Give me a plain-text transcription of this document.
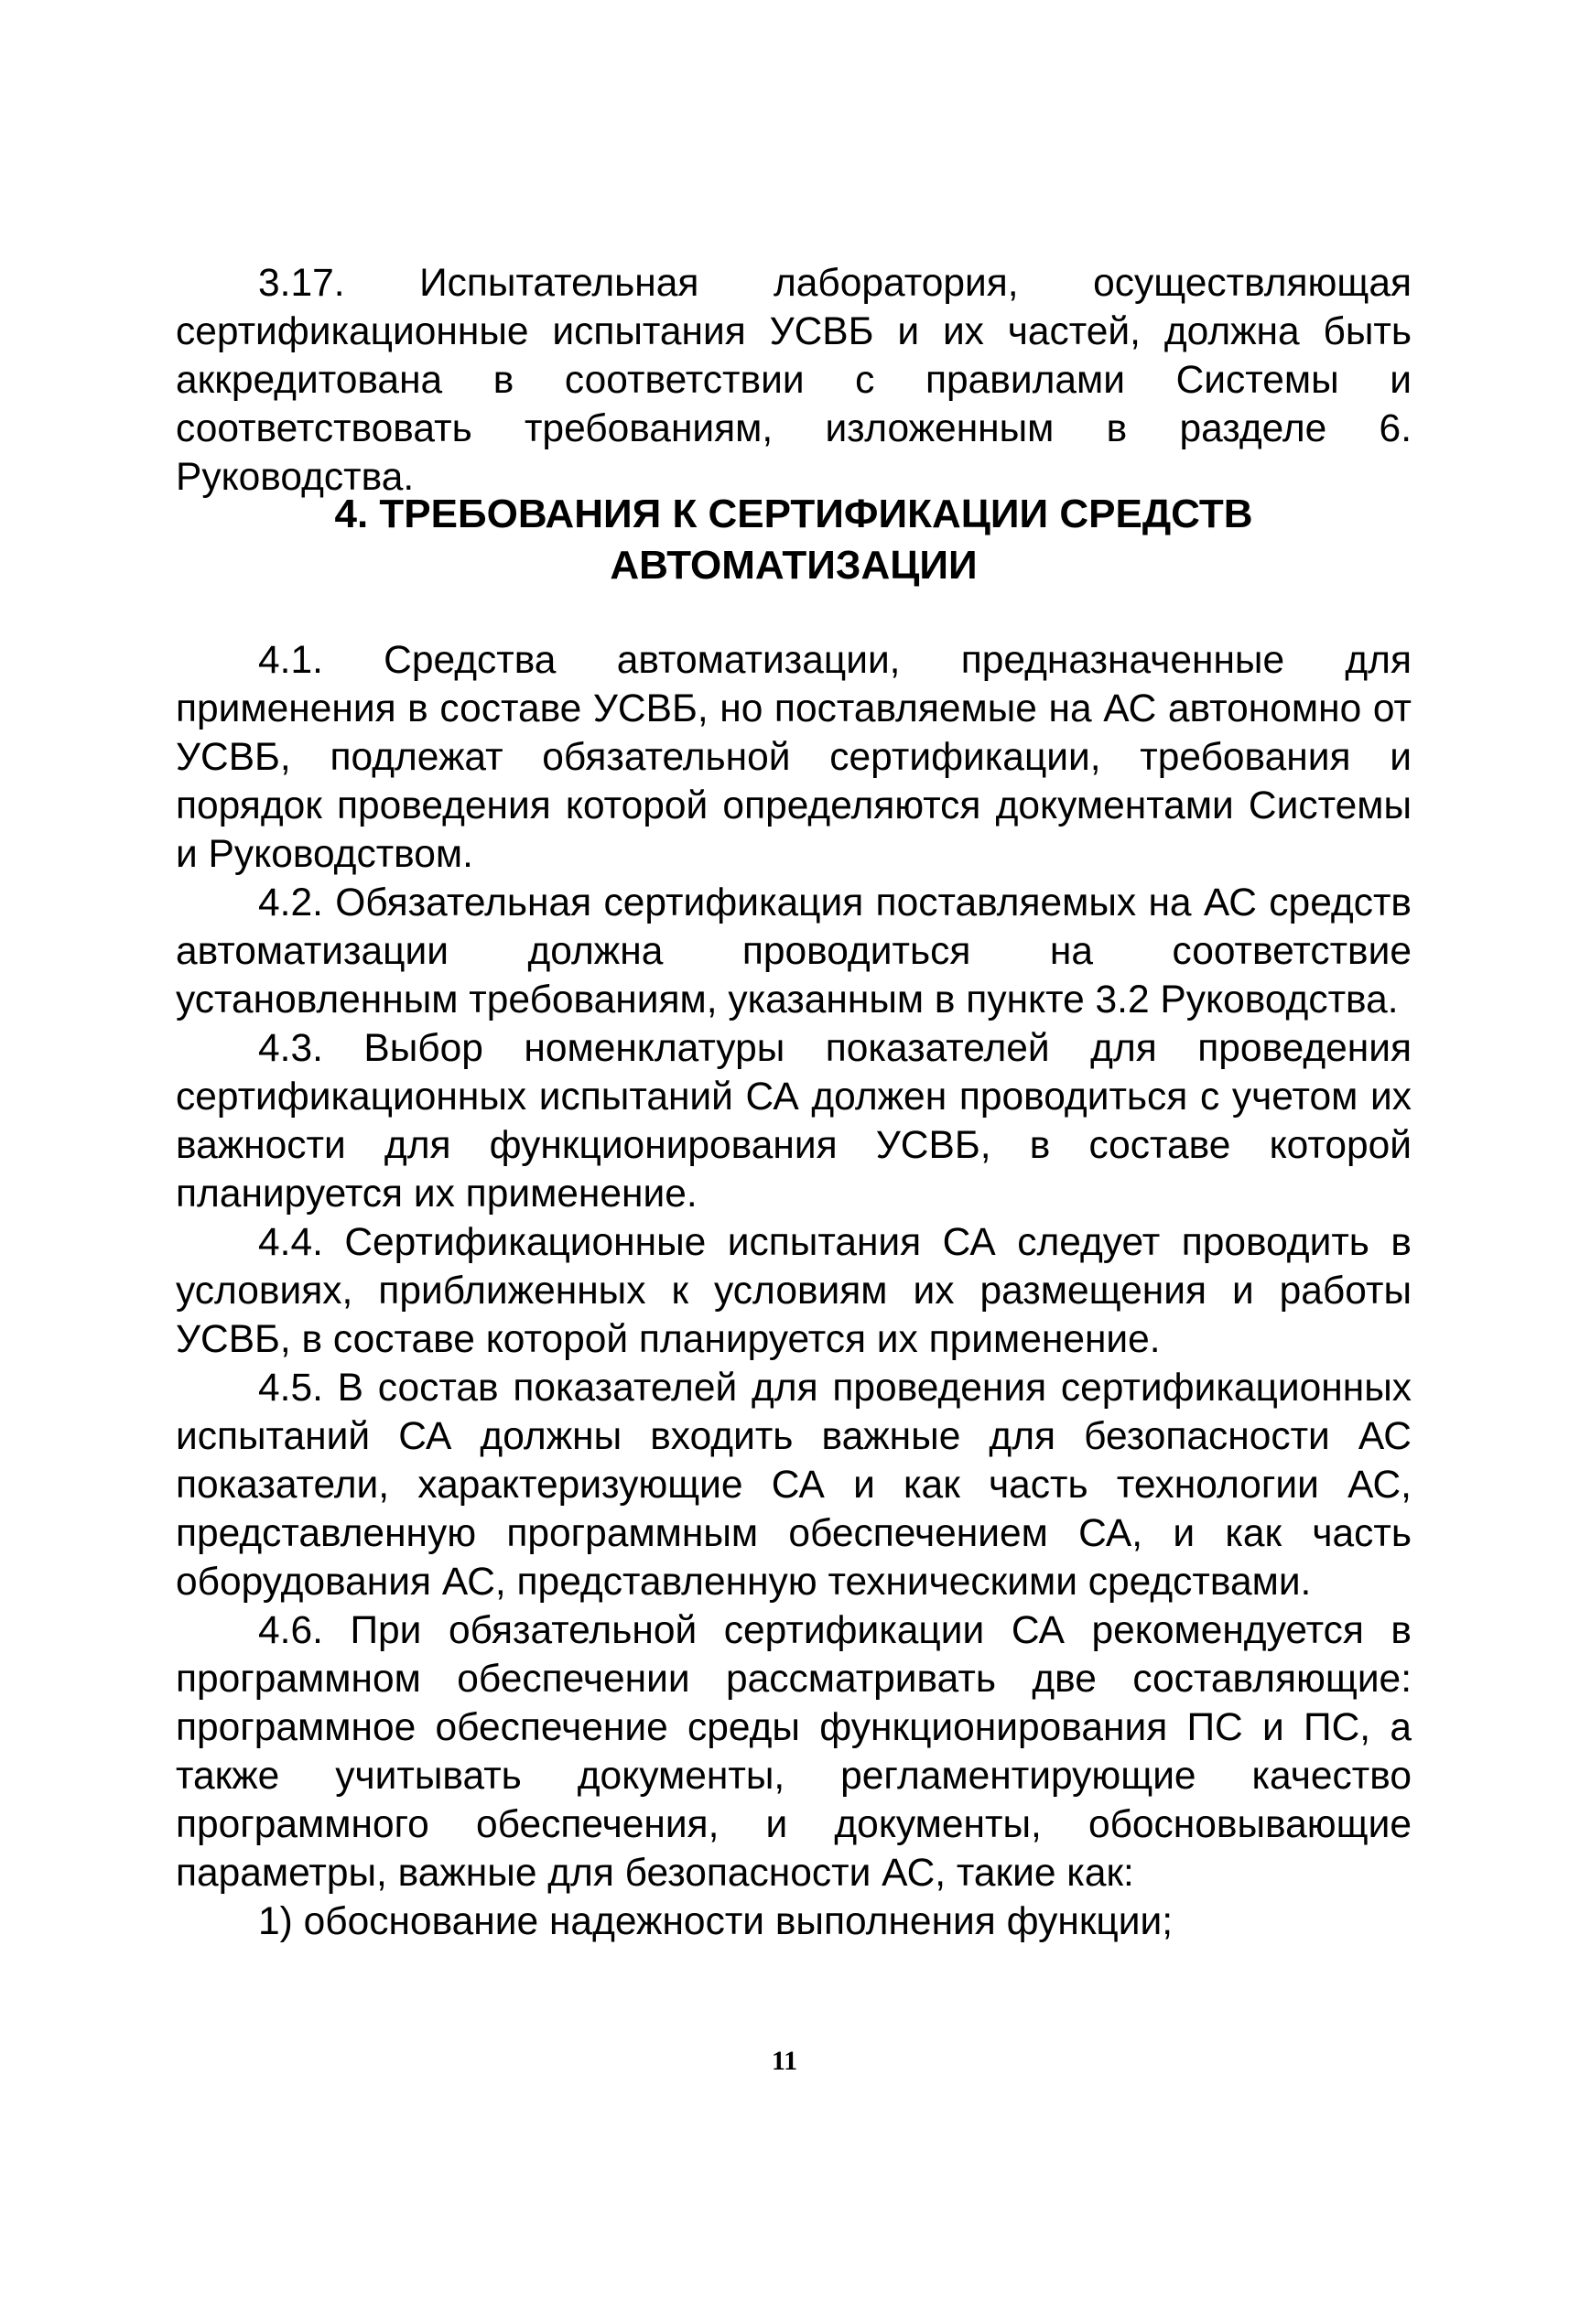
3.17. Испытательная лаборатория, осуществляющая сертификационные испытания УСВБ и их частей, должна быть аккредитована в соответствии с правилами Системы и соответствовать требованиям, изложенным в разделе 6. Руководства.

4. ТРЕБОВАНИЯ К СЕРТИФИКАЦИИ СРЕДСТВ
АВТОМАТИЗАЦИИ

4.1. Средства автоматизации, предназначенные для применения в составе УСВБ, но поставляемые на АС автономно от УСВБ, подлежат обязательной сертификации, требования и порядок проведения которой определяются документами Системы и Руководством.

4.2. Обязательная сертификация поставляемых на АС средств автоматизации должна проводиться на соответствие установленным требованиям, указанным в пункте 3.2 Руководства.

4.3. Выбор номенклатуры показателей для проведения сертификационных испытаний СА должен проводиться с учетом их важности для функционирования УСВБ, в составе которой планируется их применение.

4.4. Сертификационные испытания СА следует проводить в условиях, приближенных к условиям их размещения и работы УСВБ, в составе которой планируется их применение.

4.5. В состав показателей для проведения сертификационных испытаний СА должны входить важные для безопасности АС показатели, характеризующие СА и как часть технологии АС, представленную программным обеспечением СА, и как часть оборудования АС, представленную техническими средствами.

4.6. При обязательной сертификации СА рекомендуется в программном обеспечении рассматривать две составляющие: программное обеспечение среды функционирования ПС и ПС, а также учитывать документы, регламентирующие качество программного обеспечения, и документы, обосновывающие параметры, важные для безопасности АС, такие как:

1) обоснование надежности выполнения функции;

11
